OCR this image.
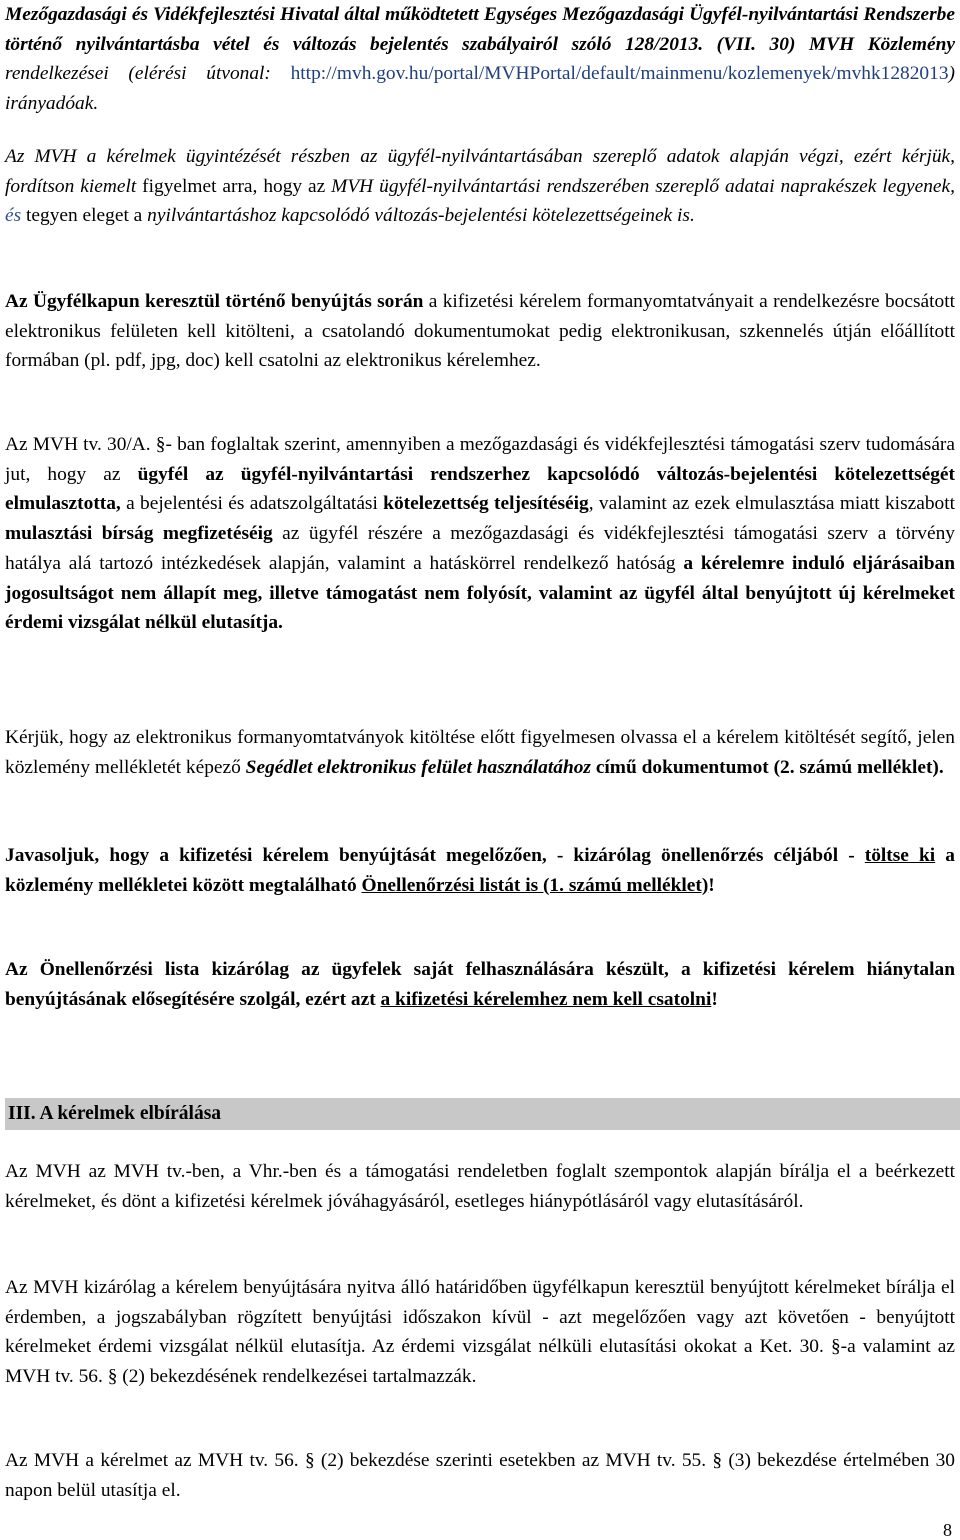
Mezőgazdasági és Vidékfejlesztési Hivatal által működtetett Egységes Mezőgazdasági Ügyfél-nyilvántartási Rendszerbe történő nyilvántartásba vétel és változás bejelentés szabályairól szóló 128/2013. (VII. 30) MVH Közlemény rendelkezései (elérési útvonal: http://mvh.gov.hu/portal/MVHPortal/default/mainmenu/kozlemenyek/mvhk1282013) irányadóak.

Az MVH a kérelmek ügyintézését részben az ügyfél-nyilvántartásában szereplő adatok alapján végzi, ezért kérjük, fordítson kiemelt figyelmet arra, hogy az MVH ügyfél-nyilvántartási rendszerében szereplő adatai naprakészek legyenek, és tegyen eleget a nyilvántartáshoz kapcsolódó változás-bejelentési kötelezettségeinek is.

Az Ügyfélkapun keresztül történő benyújtás során a kifizetési kérelem formanyomtatványait a rendelkezésre bocsátott elektronikus felületen kell kitölteni, a csatolandó dokumentumokat pedig elektronikusan, szkennelés útján előállított formában (pl. pdf, jpg, doc) kell csatolni az elektronikus kérelemhez.

Az MVH tv. 30/A. §- ban foglaltak szerint, amennyiben a mezőgazdasági és vidékfejlesztési támogatási szerv tudomására jut, hogy az ügyfél az ügyfél-nyilvántartási rendszerhez kapcsolódó változás-bejelentési kötelezettségét elmulasztotta, a bejelentési és adatszolgáltatási kötelezettség teljesítéséig, valamint az ezek elmulasztása miatt kiszabott mulasztási bírság megfizetéséig az ügyfél részére a mezőgazdasági és vidékfejlesztési támogatási szerv a törvény hatálya alá tartozó intézkedések alapján, valamint a hatáskörrel rendelkező hatóság a kérelemre induló eljárásaiban jogosultságot nem állapít meg, illetve támogatást nem folyósít, valamint az ügyfél által benyújtott új kérelmeket érdemi vizsgálat nélkül elutasítja.

Kérjük, hogy az elektronikus formanyomtatványok kitöltése előtt figyelmesen olvassa el a kérelem kitöltését segítő, jelen közlemény mellékletét képező Segédlet elektronikus felület használatához című dokumentumot (2. számú melléklet).

Javasoljuk, hogy a kifizetési kérelem benyújtását megelőzően, - kizárólag önellenőrzés céljából - töltse ki a közlemény mellékletei között megtalálható Önellenőrzési listát is (1. számú melléklet)!

Az Önellenőrzési lista kizárólag az ügyfelek saját felhasználására készült, a kifizetési kérelem hiánytalan benyújtásának elősegítésére szolgál, ezért azt a kifizetési kérelemhez nem kell csatolni!

III. A kérelmek elbírálása

Az MVH az MVH tv.-ben, a Vhr.-ben és a támogatási rendeletben foglalt szempontok alapján bírálja el a beérkezett kérelmeket, és dönt a kifizetési kérelmek jóváhagyásáról, esetleges hiánypótlásáról vagy elutasításáról.

Az MVH kizárólag a kérelem benyújtására nyitva álló határidőben ügyfélkapun keresztül benyújtott kérelmeket bírálja el érdemben, a jogszabályban rögzített benyújtási időszakon kívül - azt megelőzően vagy azt követően - benyújtott kérelmeket érdemi vizsgálat nélkül elutasítja. Az érdemi vizsgálat nélküli elutasítási okokat a Ket. 30. §-a valamint az MVH tv. 56. § (2) bekezdésének rendelkezései tartalmazzák.

Az MVH a kérelmet az MVH tv. 56. § (2) bekezdése szerinti esetekben az MVH tv. 55. § (3) bekezdése értelmében 30 napon belül utasítja el.

8
